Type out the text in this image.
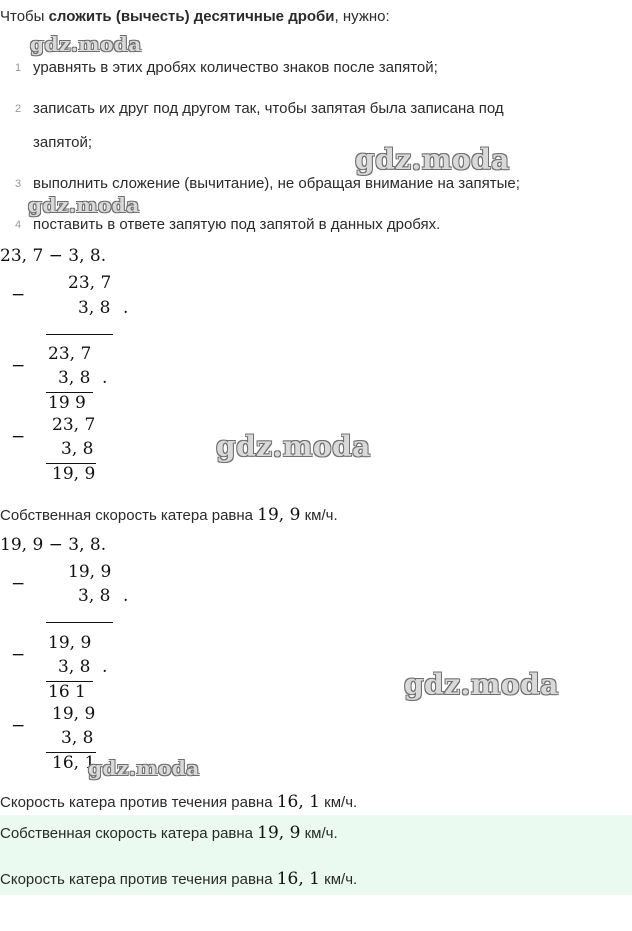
Чтобы сложить (вычесть) десятичные дроби, нужно:
1 уравнять в этих дробях количество знаков после запятой;
2 записать их друг под другом так, чтобы запятая была записана под
запятой;
3 выполнить сложение (вычитание), не обращая внимание на запятые;
4 поставить в ответе запятую под запятой в данных дробях.
23, 7 − 3, 8.
−
23, 7
3, 8 .
−
23, 7
3, 8 .
19 9
−
23, 7
3, 8
19, 9
Собственная скорость катера равна 19, 9 км/ч.
19, 9 − 3, 8.
−
19, 9
3, 8 .
−
19, 9
3, 8 .
16 1
−
19, 9
3, 8
16, 1
Скорость катера против течения равна 16, 1 км/ч.
Собственная скорость катера равна 19, 9 км/ч.
Скорость катера против течения равна 16, 1 км/ч.
gdz.moda
gdz.moda
gdz.moda
gdz.moda
gdz.moda
gdz.moda
